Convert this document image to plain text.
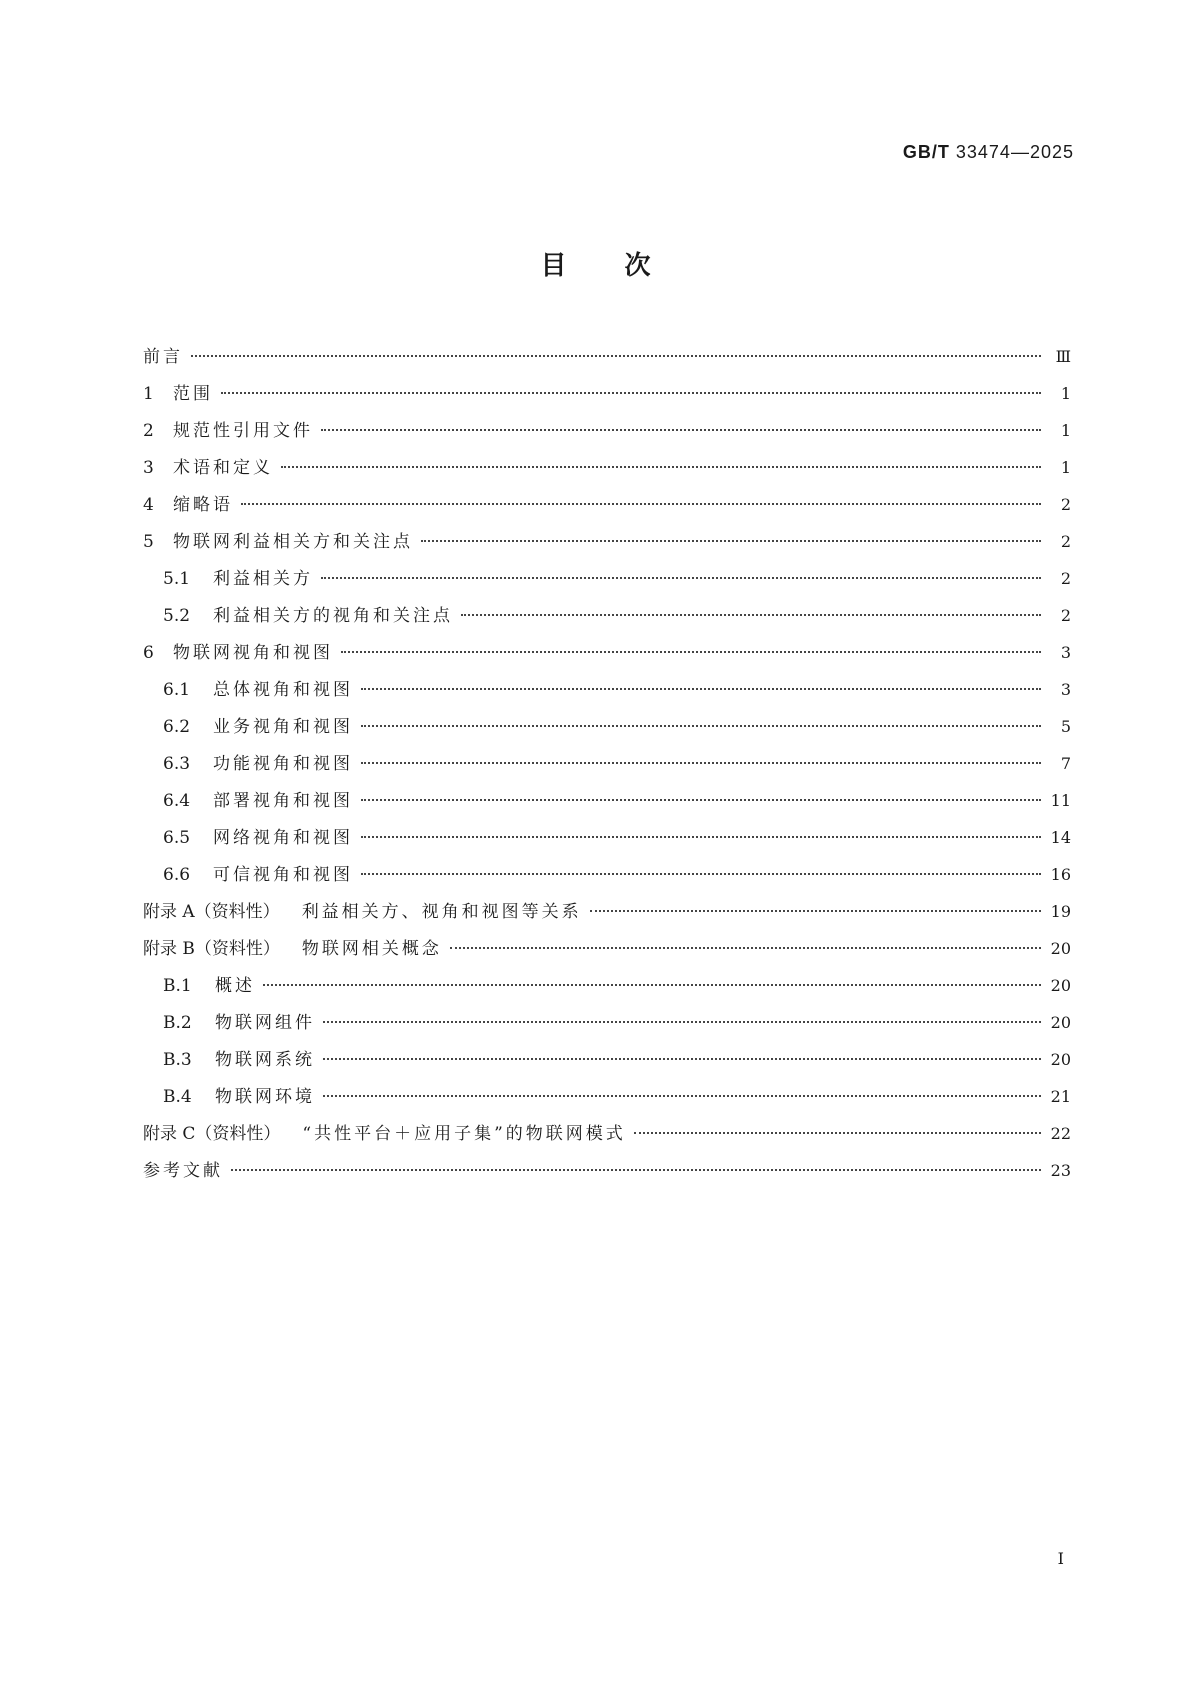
GB/T 33474—2025
目 次
前言	Ⅲ
1	范围	1
2	规范性引用文件	1
3	术语和定义	1
4	缩略语	2
5	物联网利益相关方和关注点	2
5.1	利益相关方	2
5.2	利益相关方的视角和关注点	2
6	物联网视角和视图	3
6.1	总体视角和视图	3
6.2	业务视角和视图	5
6.3	功能视角和视图	7
6.4	部署视角和视图	11
6.5	网络视角和视图	14
6.6	可信视角和视图	16
附录 A（资料性） 利益相关方、视角和视图等关系	19
附录 B（资料性） 物联网相关概念	20
B.1	概述	20
B.2	物联网组件	20
B.3	物联网系统	20
B.4	物联网环境	21
附录 C（资料性） “共性平台＋应用子集”的物联网模式	22
参考文献	23
Ⅰ
